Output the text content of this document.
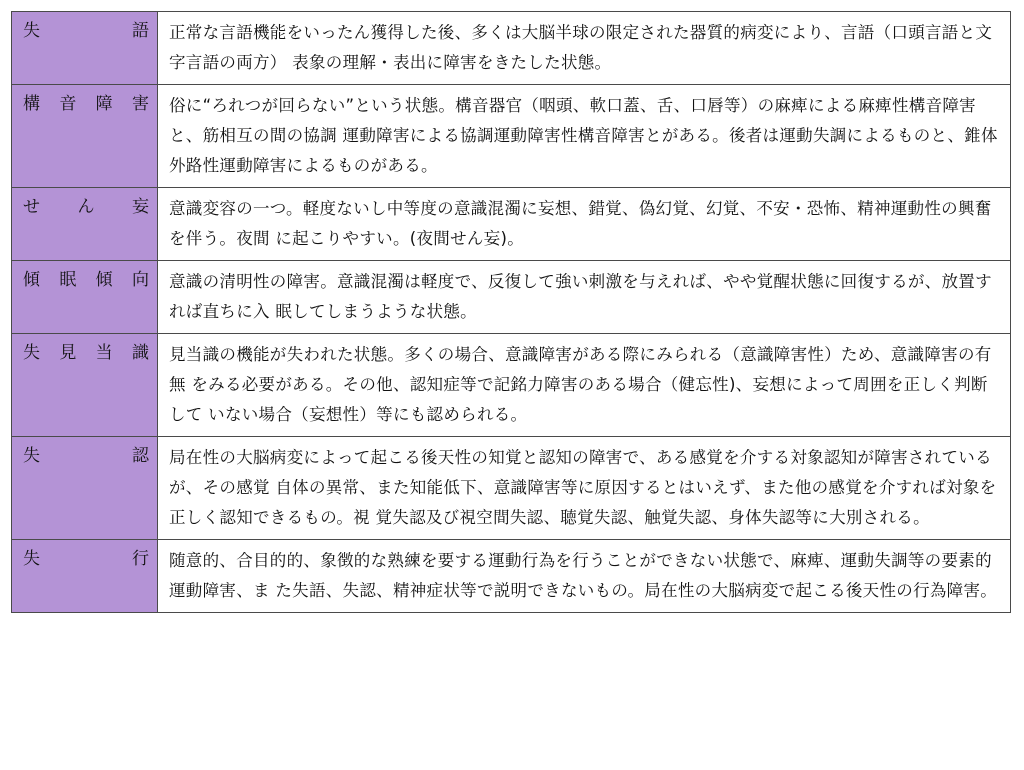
失 語	正常な言語機能をいったん獲得した後、多くは大脳半球の限定された器質的病変により、言語（口頭言語と文字言語の両方） 表象の理解・表出に障害をきたした状態。

構 音 障 害	俗に“ろれつが回らない”という状態。構音器官（咽頭、軟口蓋、舌、口唇等）の麻痺による麻痺性構音障害と、筋相互の間の協調 運動障害による協調運動障害性構音障害とがある。後者は運動失調によるものと、錐体外路性運動障害によるものがある。

せ ん 妄	意識変容の一つ。軽度ないし中等度の意識混濁に妄想、錯覚、偽幻覚、幻覚、不安・恐怖、精神運動性の興奮を伴う。夜間 に起こりやすい。(夜間せん妄)。

傾 眠 傾 向	意識の清明性の障害。意識混濁は軽度で、反復して強い刺激を与えれば、やや覚醒状態に回復するが、放置すれば直ちに入 眠してしまうような状態。

失 見 当 識	見当識の機能が失われた状態。多くの場合、意識障害がある際にみられる（意識障害性）ため、意識障害の有無 をみる必要がある。その他、認知症等で記銘力障害のある場合（健忘性)、妄想によって周囲を正しく判断して いない場合（妄想性）等にも認められる。

失 認	局在性の大脳病変によって起こる後天性の知覚と認知の障害で、ある感覚を介する対象認知が障害されているが、その感覚 自体の異常、また知能低下、意識障害等に原因するとはいえず、また他の感覚を介すれば対象を正しく認知できるもの。視 覚失認及び視空間失認、聴覚失認、触覚失認、身体失認等に大別される。

失 行	随意的、合目的的、象徴的な熟練を要する運動行為を行うことができない状態で、麻痺、運動失調等の要素的運動障害、ま た失語、失認、精神症状等で説明できないもの。局在性の大脳病変で起こる後天性の行為障害。
